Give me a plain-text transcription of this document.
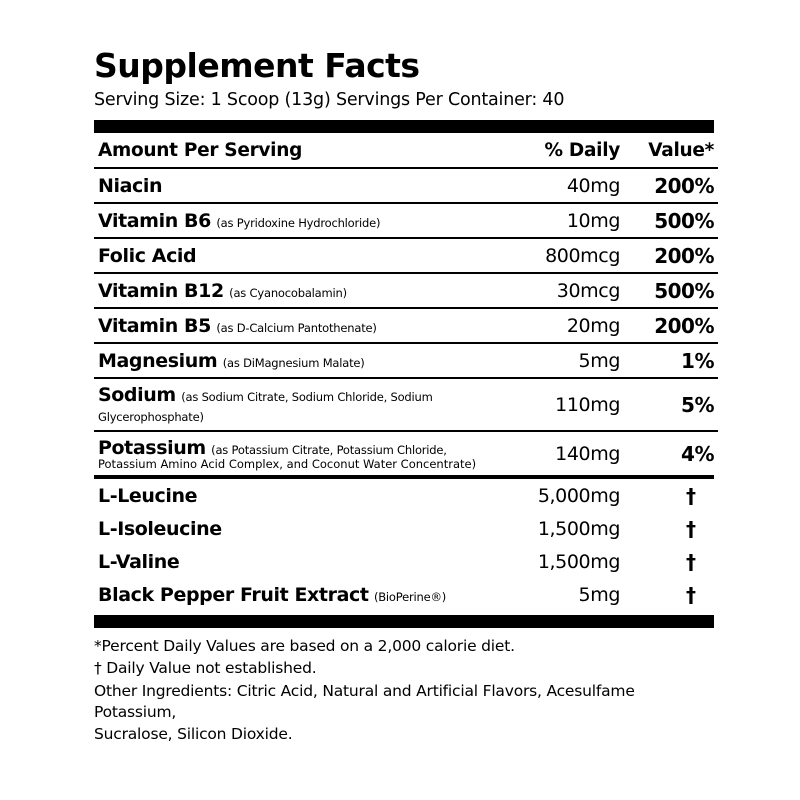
Supplement Facts
Serving Size: 1 Scoop (13g) Servings Per Container: 40
Amount Per Serving	% Daily	Value*

Niacin	40mg	200%

Vitamin B6 (as Pyridoxine Hydrochloride)	10mg	500%

Folic Acid	800mcg	200%

Vitamin B12 (as Cyanocobalamin)	30mcg	500%

Vitamin B5 (as D-Calcium Pantothenate)	20mg	200%

Magnesium (as DiMagnesium Malate)	5mg	1%

Sodium (as Sodium Citrate, Sodium Chloride, Sodium Glycerophosphate)	110mg	5%

Potassium (as Potassium Citrate, Potassium Chloride,
Potassium Amino Acid Complex, and Coconut Water Concentrate)	140mg	4%
L-Leucine	5,000mg	†
L-Isoleucine	1,500mg	†
L-Valine	1,500mg	†
Black Pepper Fruit Extract (BioPerine®)	5mg	†

*Percent Daily Values are based on a 2,000 calorie diet.

† Daily Value not established.

Other Ingredients: Citric Acid, Natural and Artificial Flavors, Acesulfame Potassium,

Sucralose, Silicon Dioxide.
